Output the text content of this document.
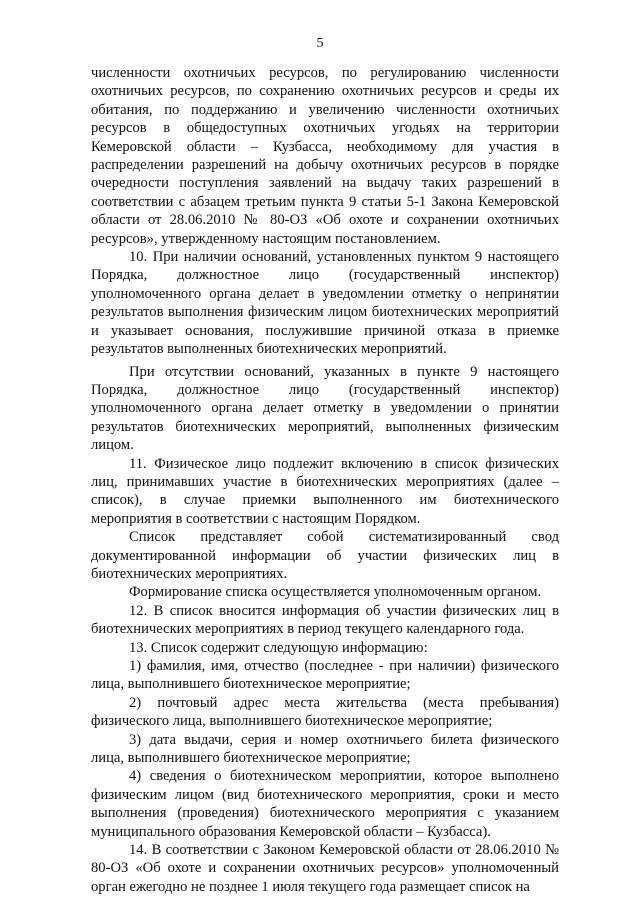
5

численности охотничьих ресурсов, по регулированию численности охотничьих ресурсов, по сохранению охотничьих ресурсов и среды их обитания, по поддержанию и увеличению численности охотничьих ресурсов в общедоступных охотничьих угодьях на территории Кемеровской области – Кузбасса, необходимому для участия в распределении разрешений на добычу охотничьих ресурсов в порядке очередности поступления заявлений на выдачу таких разрешений в соответствии с абзацем третьим пункта 9 статьи 5-1 Закона Кемеровской области от 28.06.2010 № 80-ОЗ «Об охоте и сохранении охотничьих ресурсов», утвержденному настоящим постановлением.

10. При наличии оснований, установленных пунктом 9 настоящего Порядка, должностное лицо (государственный инспектор) уполномоченного органа делает в уведомлении отметку о непринятии результатов выполнения физическим лицом биотехнических мероприятий и указывает основания, послужившие причиной отказа в приемке результатов выполненных биотехнических мероприятий.

При отсутствии оснований, указанных в пункте 9 настоящего Порядка, должностное лицо (государственный инспектор) уполномоченного органа делает отметку в уведомлении о принятии результатов биотехнических мероприятий, выполненных физическим лицом.

11. Физическое лицо подлежит включению в список физических лиц, принимавших участие в биотехнических мероприятиях (далее – список), в случае приемки выполненного им биотехнического мероприятия в соответствии с настоящим Порядком.

Список представляет собой систематизированный свод документированной информации об участии физических лиц в биотехнических мероприятиях.

Формирование списка осуществляется уполномоченным органом.

12. В список вносится информация об участии физических лиц в биотехнических мероприятиях в период текущего календарного года.

13. Список содержит следующую информацию:

1) фамилия, имя, отчество (последнее - при наличии) физического лица, выполнившего биотехническое мероприятие;

2) почтовый адрес места жительства (места пребывания) физического лица, выполнившего биотехническое мероприятие;

3) дата выдачи, серия и номер охотничьего билета физического лица, выполнившего биотехническое мероприятие;

4) сведения о биотехническом мероприятии, которое выполнено физическим лицом (вид биотехнического мероприятия, сроки и место выполнения (проведения) биотехнического мероприятия с указанием муниципального образования Кемеровской области – Кузбасса).

14. В соответствии с Законом Кемеровской области от 28.06.2010 № 80-ОЗ «Об охоте и сохранении охотничьих ресурсов» уполномоченный орган ежегодно не позднее 1 июля текущего года размещает список на
